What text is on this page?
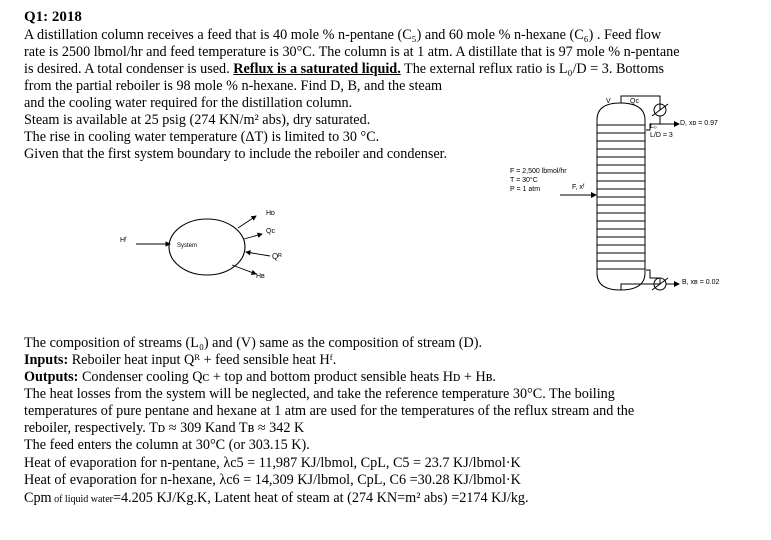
Q1: 2018
A distillation column receives a feed that is 40 mole % n-pentane (C₅) and 60 mole % n-hexane (C₆) . Feed flow
rate is 2500 lbmol/hr and feed temperature is 30°C. The column is at 1 atm. A distillate that is 97 mole % n-pentane
is desired. A total condenser is used. Reflux is a saturated liquid. The external reflux ratio is L₀/D = 3. Bottoms
from the partial reboiler is 98 mole % n-hexane. Find D, B, and the steam
and the cooling water required for the distillation column.
Steam is available at 25 psig (274 KN/m² abs), dry saturated.
The rise in cooling water temperature (ΔT) is limited to 30 °C.
Given that the first system boundary to include the reboiler and condenser.
Hᴅ
Qᴄ
Qᴿ
Hʙ
Hᶠ
System
V	Qᴄ
L₀	D, xᴅ = 0.97
L/D = 3
F = 2,500 lbmol/hr
T = 30°C
P = 1 atm	F, xᶠ
B, xʙ = 0.02
The composition of streams (L₀) and (V) same as the composition of stream (D).
Inputs: Reboiler heat input Qᴿ + feed sensible heat Hᶠ.
Outputs: Condenser cooling Qᴄ + top and bottom product sensible heats Hᴅ + Hʙ.
The heat losses from the system will be neglected, and take the reference temperature 30°C. The boiling
temperatures of pure pentane and hexane at 1 atm are used for the temperatures of the reflux stream and the
reboiler, respectively. Tᴅ ≈ 309 Kand Tʙ ≈ 342 K
The feed enters the column at 30°C (or 303.15 K).
Heat of evaporation for n-pentane, λc5 = 11,987 KJ/lbmol, CpL, C5 = 23.7 KJ/lbmol·K
Heat of evaporation for n-hexane, λc6 = 14,309 KJ/lbmol, CpL, C6 =30.28 KJ/lbmol·K
Cpm of liquid water=4.205 KJ/Kg.K, Latent heat of steam at (274 KN=m² abs) =2174 KJ/kg.
